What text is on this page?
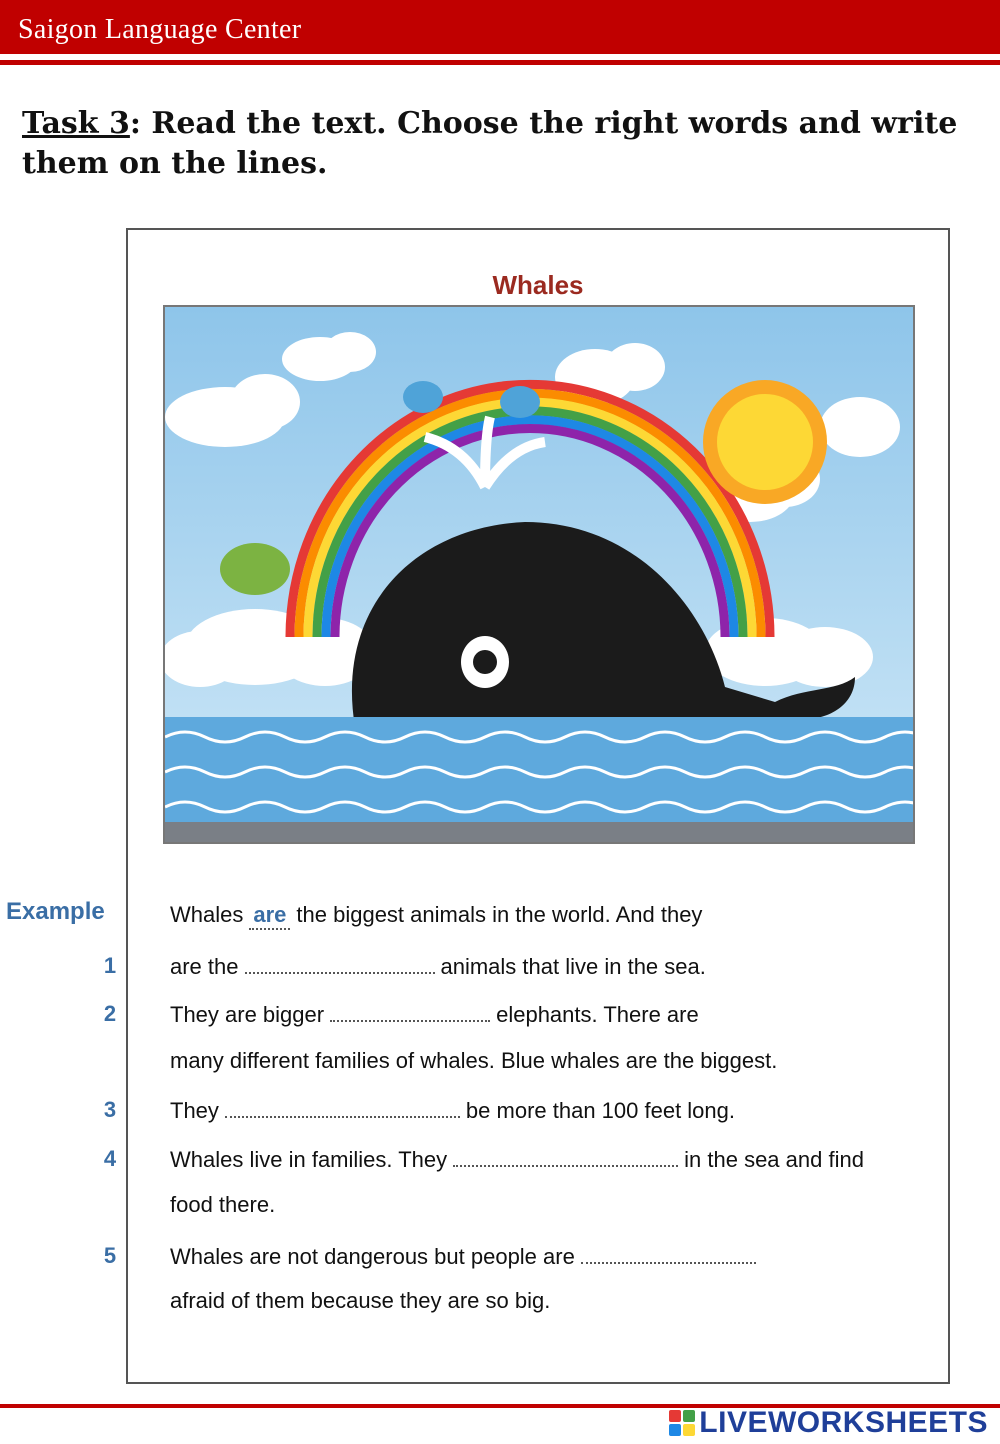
Saigon Language Center
Task 3: Read the text. Choose the right words and write them on the lines.
Whales
Example	Whales are the biggest animals in the world. And they
1 are the	animals that live in the sea.
2 They are bigger	elephants. There are
many different families of whales. Blue whales are the biggest.
3 They	be more than 100 feet long.
4 Whales live in families. They	in the sea and find
food there.
5 Whales are not dangerous but people are
afraid of them because they are so big.
LIVEWORKSHEETS
